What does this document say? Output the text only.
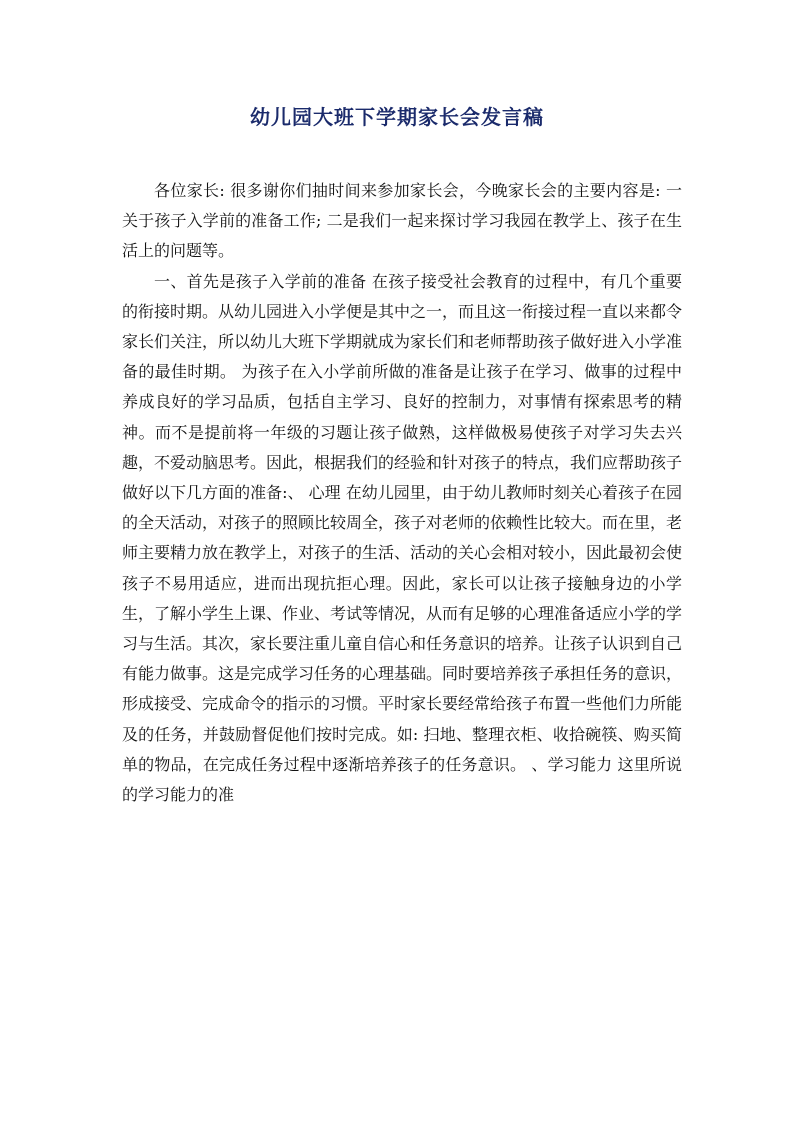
幼儿园大班下学期家长会发言稿

各位家长: 很多谢你们抽时间来参加家长会，今晚家长会的主要内容是: 一关于孩子入学前的准备工作; 二是我们一起来探讨学习我园在教学上、孩子在生活上的问题等。

一、首先是孩子入学前的准备 在孩子接受社会教育的过程中，有几个重要的衔接时期。从幼儿园进入小学便是其中之一，而且这一衔接过程一直以来都令家长们关注，所以幼儿大班下学期就成为家长们和老师帮助孩子做好进入小学准备的最佳时期。 为孩子在入小学前所做的准备是让孩子在学习、做事的过程中养成良好的学习品质，包括自主学习、良好的控制力，对事情有探索思考的精神。而不是提前将一年级的习题让孩子做熟，这样做极易使孩子对学习失去兴趣，不爱动脑思考。因此，根据我们的经验和针对孩子的特点，我们应帮助孩子做好以下几方面的准备:、 心理 在幼儿园里，由于幼儿教师时刻关心着孩子在园的全天活动，对孩子的照顾比较周全，孩子对老师的依赖性比较大。而在里，老师主要精力放在教学上，对孩子的生活、活动的关心会相对较小，因此最初会使孩子不易用适应，进而出现抗拒心理。因此，家长可以让孩子接触身边的小学生，了解小学生上课、作业、考试等情况，从而有足够的心理准备适应小学的学习与生活。其次，家长要注重儿童自信心和任务意识的培养。让孩子认识到自己有能力做事。这是完成学习任务的心理基础。同时要培养孩子承担任务的意识，形成接受、完成命令的指示的习惯。平时家长要经常给孩子布置一些他们力所能及的任务，并鼓励督促他们按时完成。如: 扫地、整理衣柜、收拾碗筷、购买简单的物品，在完成任务过程中逐渐培养孩子的任务意识。 、学习能力 这里所说的学习能力的准
